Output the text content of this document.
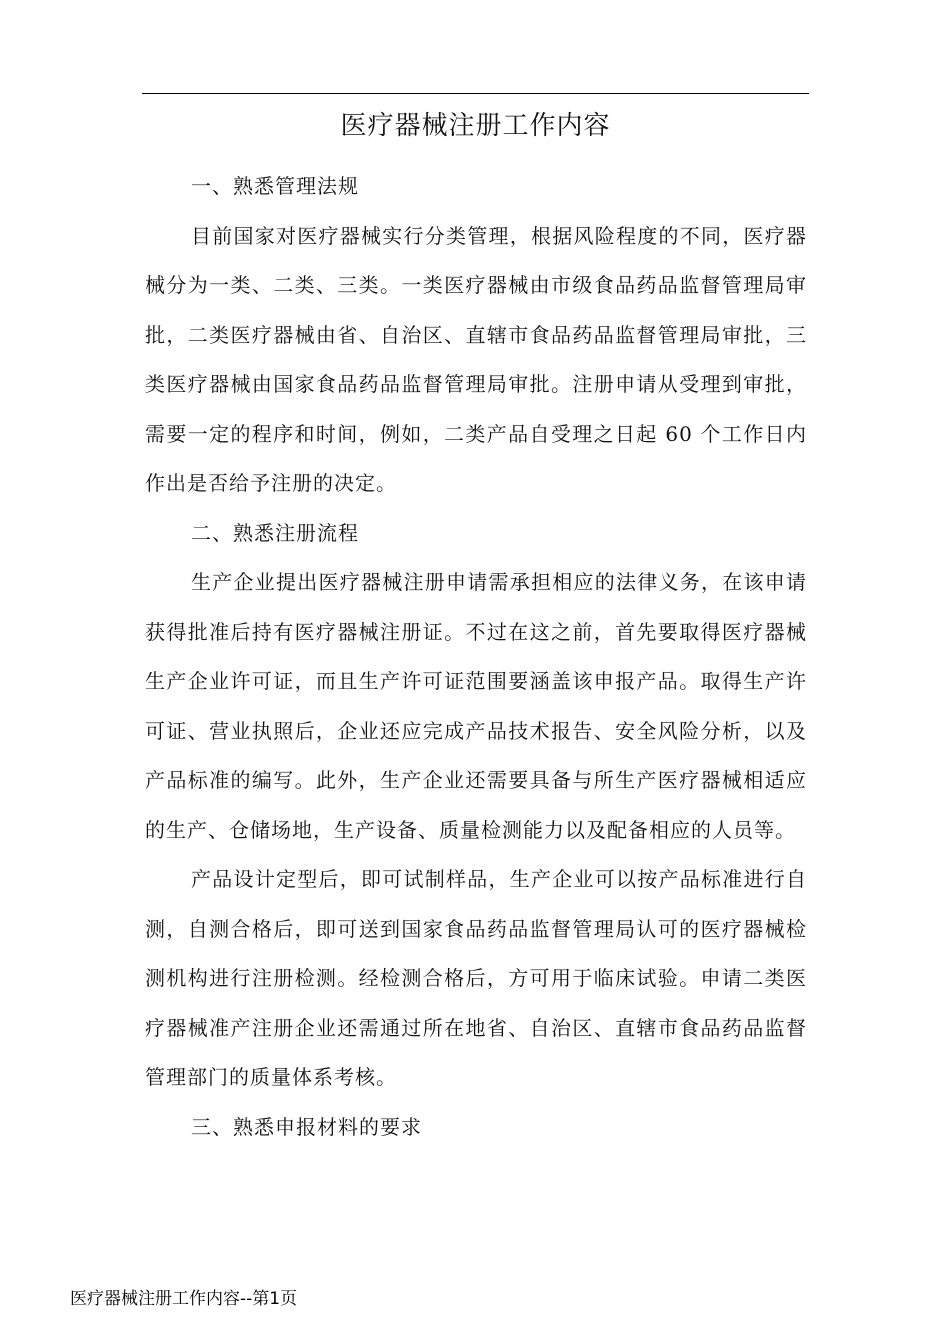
医疗器械注册工作内容

一、熟悉管理法规

目前国家对医疗器械实行分类管理，根据风险程度的不同，医疗器械分为一类、二类、三类。一类医疗器械由市级食品药品监督管理局审批，二类医疗器械由省、自治区、直辖市食品药品监督管理局审批，三类医疗器械由国家食品药品监督管理局审批。注册申请从受理到审批，需要一定的程序和时间，例如，二类产品自受理之日起 60 个工作日内作出是否给予注册的决定。

二、熟悉注册流程

生产企业提出医疗器械注册申请需承担相应的法律义务，在该申请获得批准后持有医疗器械注册证。不过在这之前，首先要取得医疗器械生产企业许可证，而且生产许可证范围要涵盖该申报产品。取得生产许可证、营业执照后，企业还应完成产品技术报告、安全风险分析，以及产品标准的编写。此外，生产企业还需要具备与所生产医疗器械相适应的生产、仓储场地，生产设备、质量检测能力以及配备相应的人员等。

产品设计定型后，即可试制样品，生产企业可以按产品标准进行自测，自测合格后，即可送到国家食品药品监督管理局认可的医疗器械检测机构进行注册检测。经检测合格后，方可用于临床试验。申请二类医疗器械准产注册企业还需通过所在地省、自治区、直辖市食品药品监督管理部门的质量体系考核。

三、熟悉申报材料的要求

医疗器械注册工作内容--第1页
